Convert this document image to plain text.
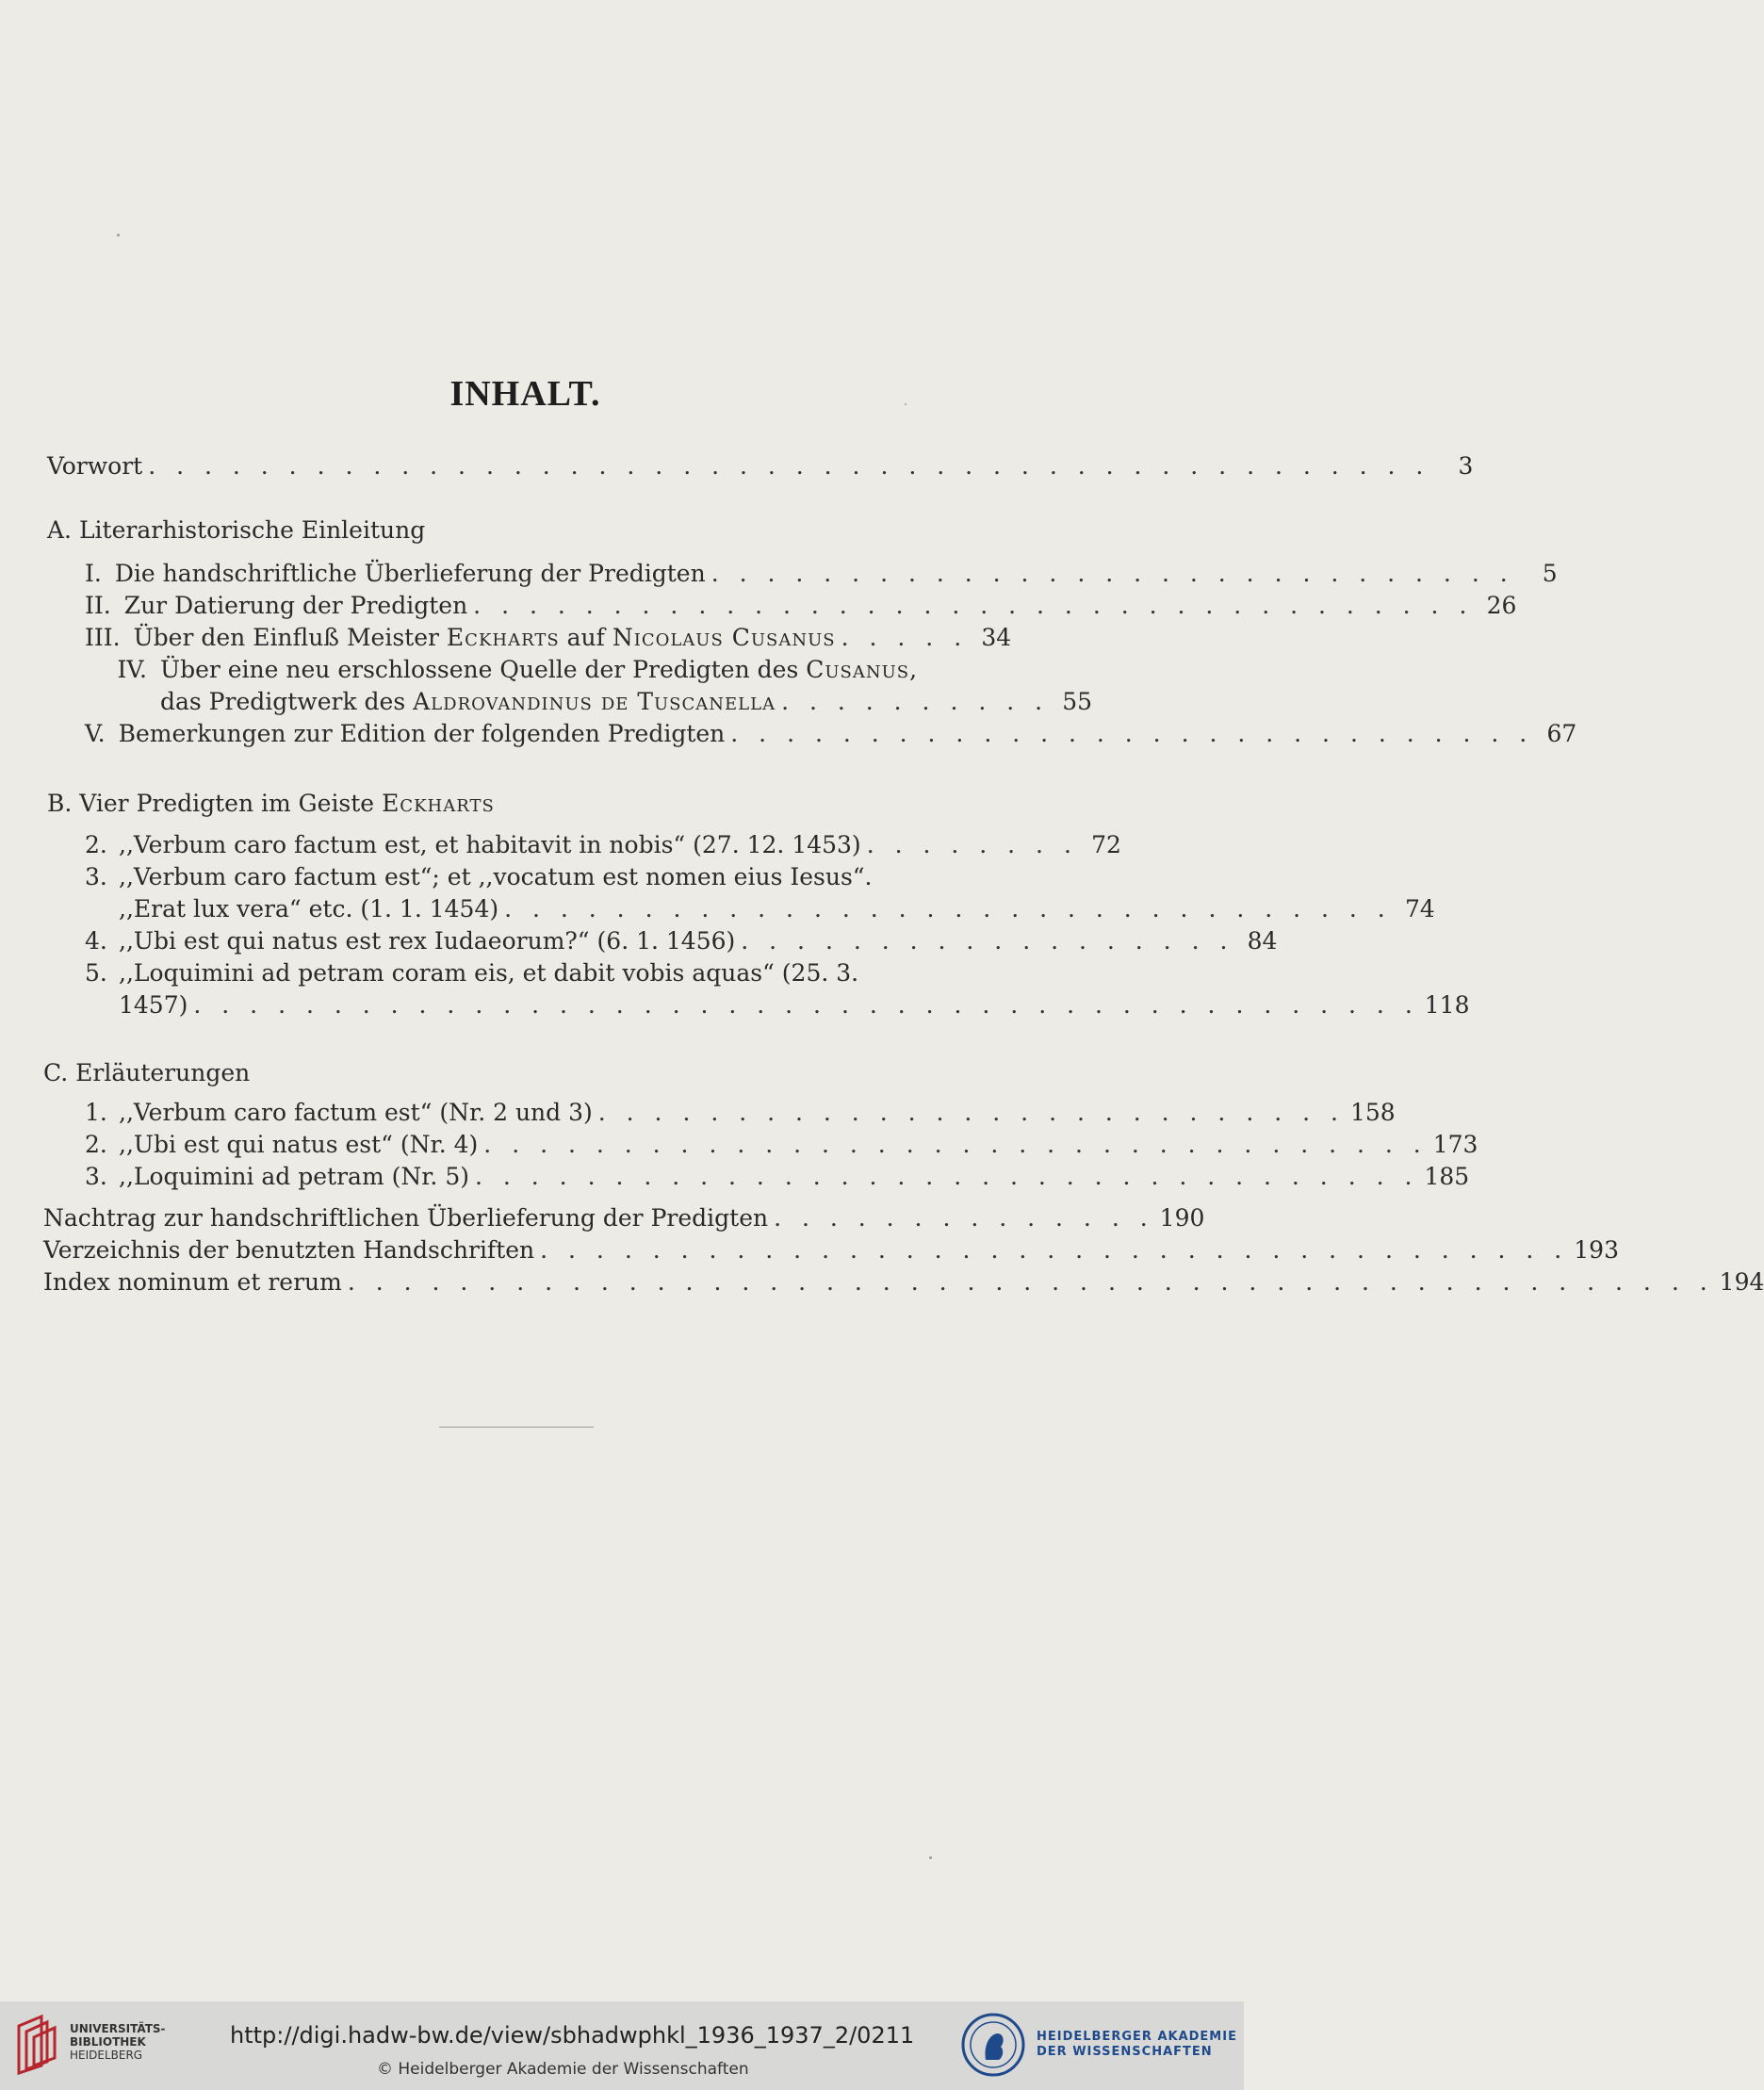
INHALT.
Vorwort . . . . . . . . . . . . . . . . . . . . . . . . . . . . . . . . . . . . . . . . . . . . . .	3
A. Literarhistorische Einleitung
I. Die handschriftliche Überlieferung der Predigten . . . . . . . . . . . . . . . . . . . . . . . . . . . . .	5
II. Zur Datierung der Predigten . . . . . . . . . . . . . . . . . . . . . . . . . . . . . . . . . . . . 26
III. Über den Einfluß Meister Eckharts auf Nicolaus Cusanus . . . . . 34
IV. Über eine neu erschlossene Quelle der Predigten des Cusanus,
das Predigtwerk des Aldrovandinus de Tuscanella . . . . . . . . . . 55
V. Bemerkungen zur Edition der folgenden Predigten . . . . . . . . . . . . . . . . . . . . . . . . . . . . . 67
B. Vier Predigten im Geiste Eckharts
2. ,,Verbum caro factum est, et habitavit in nobis“ (27. 12. 1453) . . . . . . . . 72
3. ,,Verbum caro factum est“; et ,,vocatum est nomen eius Iesus“.
,,Erat lux vera“ etc. (1. 1. 1454) . . . . . . . . . . . . . . . . . . . . . . . . . . . . . . . . 74
4. ,,Ubi est qui natus est rex Iudaeorum?“ (6. 1. 1456) . . . . . . . . . . . . . . . . . . 84
5. ,,Loquimini ad petram coram eis, et dabit vobis aquas“ (25. 3.
1457) . . . . . . . . . . . . . . . . . . . . . . . . . . . . . . . . . . . . . . . . . . . . 118
C. Erläuterungen
1. ,,Verbum caro factum est“ (Nr. 2 und 3) . . . . . . . . . . . . . . . . . . . . . . . . . . . 158
2. ,,Ubi est qui natus est“ (Nr. 4) . . . . . . . . . . . . . . . . . . . . . . . . . . . . . . . . . . 173
3. ,,Loquimini ad petram (Nr. 5) . . . . . . . . . . . . . . . . . . . . . . . . . . . . . . . . . . 185
Nachtrag zur handschriftlichen Überlieferung der Predigten . . . . . . . . . . . . . . 190
Verzeichnis der benutzten Handschriften . . . . . . . . . . . . . . . . . . . . . . . . . . . . . . . . . . . . . 193
Index nominum et rerum . . . . . . . . . . . . . . . . . . . . . . . . . . . . . . . . . . . . . . . . . . . . . . . . . 194
UNIVERSITÄTS-
BIBLIOTHEK
HEIDELBERG
http://digi.hadw-bw.de/view/sbhadwphkl_1936_1937_2/0211
© Heidelberger Akademie der Wissenschaften
HEIDELBERGER AKADEMIE
DER WISSENSCHAFTEN
